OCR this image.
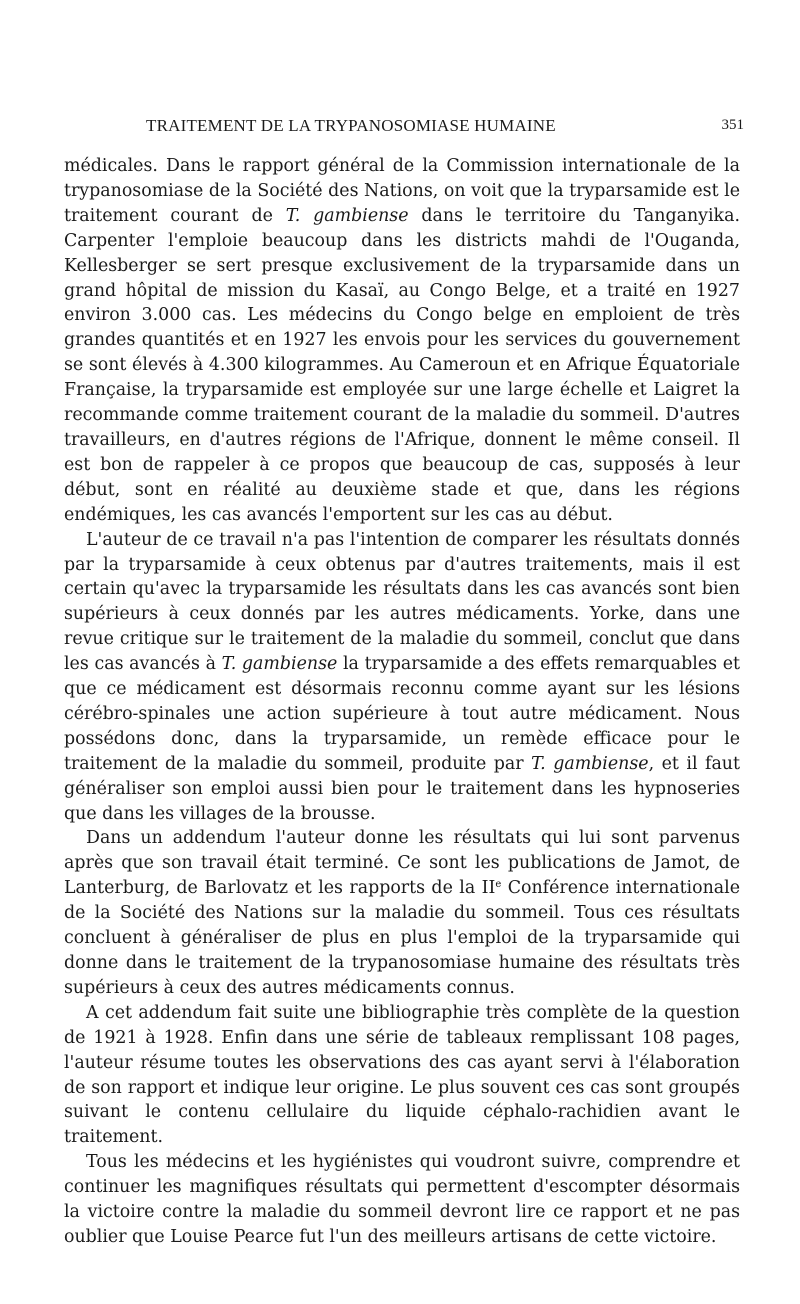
TRAITEMENT DE LA TRYPANOSOMIASE HUMAINE	351

médicales. Dans le rapport général de la Commission internationale de la trypanosomiase de la Société des Nations, on voit que la tryparsamide est le traitement courant de T. gambiense dans le territoire du Tanganyika. Carpenter l'emploie beaucoup dans les districts mahdi de l'Ouganda, Kellesberger se sert presque exclusivement de la tryparsamide dans un grand hôpital de mission du Kasaï, au Congo Belge, et a traité en 1927 environ 3.000 cas. Les médecins du Congo belge en emploient de très grandes quantités et en 1927 les envois pour les services du gouvernement se sont élevés à 4.300 kilogrammes. Au Cameroun et en Afrique Équatoriale Française, la tryparsamide est employée sur une large échelle et Laigret la recommande comme traitement courant de la maladie du sommeil. D'autres travailleurs, en d'autres régions de l'Afrique, donnent le même conseil. Il est bon de rappeler à ce propos que beaucoup de cas, supposés à leur début, sont en réalité au deuxième stade et que, dans les régions endémiques, les cas avancés l'emportent sur les cas au début.

L'auteur de ce travail n'a pas l'intention de comparer les résultats donnés par la tryparsamide à ceux obtenus par d'autres traitements, mais il est certain qu'avec la tryparsamide les résultats dans les cas avancés sont bien supérieurs à ceux donnés par les autres médicaments. Yorke, dans une revue critique sur le traitement de la maladie du sommeil, conclut que dans les cas avancés à T. gambiense la tryparsamide a des effets remarquables et que ce médicament est désormais reconnu comme ayant sur les lésions cérébro-spinales une action supérieure à tout autre médicament. Nous possédons donc, dans la tryparsamide, un remède efficace pour le traitement de la maladie du sommeil, produite par T. gambiense, et il faut généraliser son emploi aussi bien pour le traitement dans les hypnoseries que dans les villages de la brousse.

Dans un addendum l'auteur donne les résultats qui lui sont parvenus après que son travail était terminé. Ce sont les publications de Jamot, de Lanterburg, de Barlovatz et les rapports de la IIe Conférence internationale de la Société des Nations sur la maladie du sommeil. Tous ces résultats concluent à généraliser de plus en plus l'emploi de la tryparsamide qui donne dans le traitement de la trypanosomiase humaine des résultats très supérieurs à ceux des autres médicaments connus.

A cet addendum fait suite une bibliographie très complète de la question de 1921 à 1928. Enfin dans une série de tableaux remplissant 108 pages, l'auteur résume toutes les observations des cas ayant servi à l'élaboration de son rapport et indique leur origine. Le plus souvent ces cas sont groupés suivant le contenu cellulaire du liquide céphalo-rachidien avant le traitement.

Tous les médecins et les hygiénistes qui voudront suivre, comprendre et continuer les magnifiques résultats qui permettent d'escompter désormais la victoire contre la maladie du sommeil devront lire ce rapport et ne pas oublier que Louise Pearce fut l'un des meilleurs artisans de cette victoire.
